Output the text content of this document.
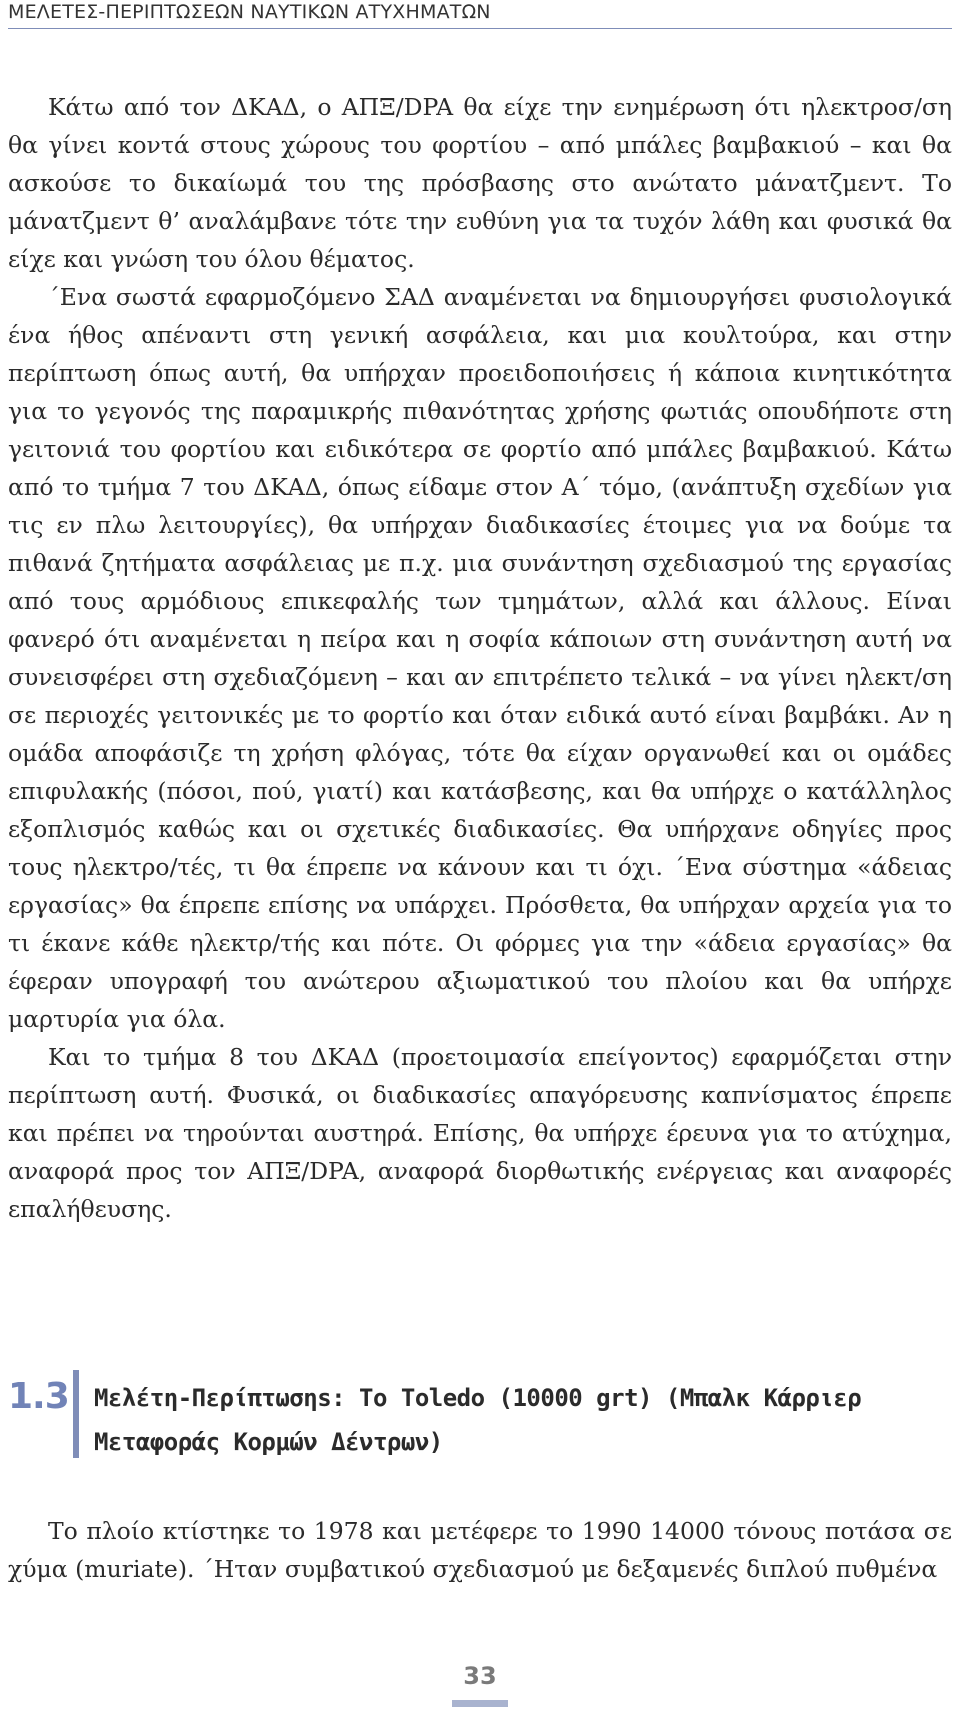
ΜΕΛΕΤΕΣ-ΠΕΡΙΠΤΩΣΕΩΝ ΝΑΥΤΙΚΩΝ ΑΤΥΧΗΜΑΤΩΝ

Κάτω από τον ΔΚΑΔ, ο ΑΠΞ/DPA θα είχε την ενημέρωση ότι ηλεκτροσ/ση θα γίνει κοντά στους χώρους του φορτίου – από μπάλες βαμβακιού – και θα ασκούσε το δικαίωμά του της πρόσβασης στο ανώτατο μάνατζμεντ. Το μάνατζμεντ θ’ αναλάμβανε τότε την ευθύνη για τα τυχόν λάθη και φυσικά θα είχε και γνώση του όλου θέματος.

΄Ενα σωστά εφαρμοζόμενο ΣΑΔ αναμένεται να δημιουργήσει φυσιολογικά ένα ήθος απέναντι στη γενική ασφάλεια, και μια κουλτούρα, και στην περίπτωση όπως αυτή, θα υπήρχαν προειδοποιήσεις ή κάποια κινητικότητα για το γεγονός της παραμικρής πιθανότητας χρήσης φωτιάς οπουδήποτε στη γειτονιά του φορτίου και ειδικότερα σε φορτίο από μπάλες βαμβακιού. Κάτω από το τμήμα 7 του ΔΚΑΔ, όπως είδαμε στον Α΄ τόμο, (ανάπτυξη σχεδίων για τις εν πλω λειτουργίες), θα υπήρχαν διαδικασίες έτοιμες για να δούμε τα πιθανά ζητήματα ασφάλειας με π.χ. μια συνάντηση σχεδιασμού της εργασίας από τους αρμόδιους επικεφαλής των τμημάτων, αλλά και άλλους. Είναι φανερό ότι αναμένεται η πείρα και η σοφία κάποιων στη συνάντηση αυτή να συνεισφέρει στη σχεδιαζόμενη – και αν επιτρέπετο τελικά – να γίνει ηλεκτ/ση σε περιοχές γειτονικές με το φορτίο και όταν ειδικά αυτό είναι βαμβάκι. Αν η ομάδα αποφάσιζε τη χρήση φλόγας, τότε θα είχαν οργανωθεί και οι ομάδες επιφυλακής (πόσοι, πού, γιατί) και κατάσβεσης, και θα υπήρχε ο κατάλληλος εξοπλισμός καθώς και οι σχετικές διαδικασίες. Θα υπήρχανε οδηγίες προς τους ηλεκτρο/τές, τι θα έπρεπε να κάνουν και τι όχι. ΄Ενα σύστημα «άδειας εργασίας» θα έπρεπε επίσης να υπάρχει. Πρόσθετα, θα υπήρχαν αρχεία για το τι έκανε κάθε ηλεκτρ/τής και πότε. Οι φόρμες για την «άδεια εργασίας» θα έφεραν υπογραφή του ανώτερου αξιωματικού του πλοίου και θα υπήρχε μαρτυρία για όλα.

Και το τμήμα 8 του ΔΚΑΔ (προετοιμασία επείγοντος) εφαρμόζεται στην περίπτωση αυτή. Φυσικά, οι διαδικασίες απαγόρευσης καπνίσματος έπρεπε και πρέπει να τηρούνται αυστηρά. Επίσης, θα υπήρχε έρευνα για το ατύχημα, αναφορά προς τον ΑΠΞ/DPA, αναφορά διορθωτικής ενέργειας και αναφορές επαλήθευσης.

1.3 Μελέτη-Περίπτωσηs: Το Toledo (10000 grt) (Μπαλκ Κάρριερ
Μεταφοράς Κορμών Δέντρων)

Το πλοίο κτίστηκε το 1978 και μετέφερε το 1990 14000 τόνους ποτάσα σε χύμα (muriate). ΄Ηταν συμβατικού σχεδιασμού με δεξαμενές διπλού πυθμένα

33
